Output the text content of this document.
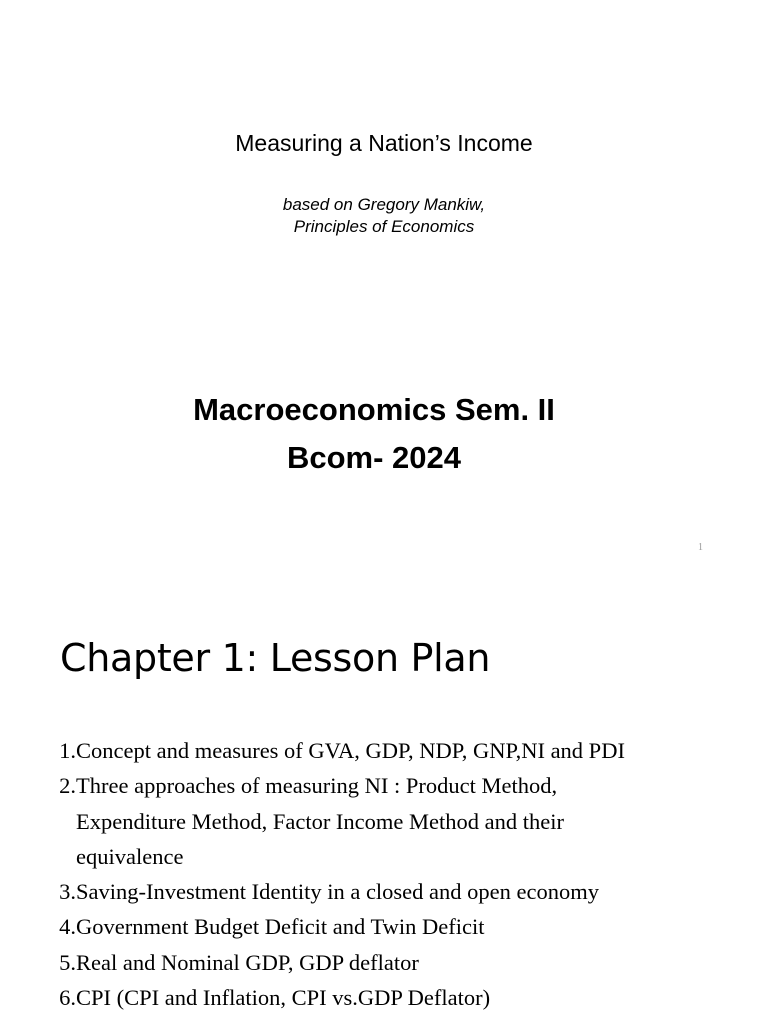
Measuring a Nation’s Income
based on Gregory Mankiw,
Principles of Economics
Macroeconomics Sem. II
Bcom- 2024
1
Chapter 1: Lesson Plan
1. Concept and measures of GVA, GDP, NDP, GNP,NI and PDI
2. Three approaches of measuring NI : Product Method,
Expenditure Method, Factor Income Method and their
equivalence
3. Saving-Investment Identity in a closed and open economy
4. Government Budget Deficit and Twin Deficit
5. Real and Nominal GDP, GDP deflator
6. CPI (CPI and Inflation, CPI vs.GDP Deflator)
